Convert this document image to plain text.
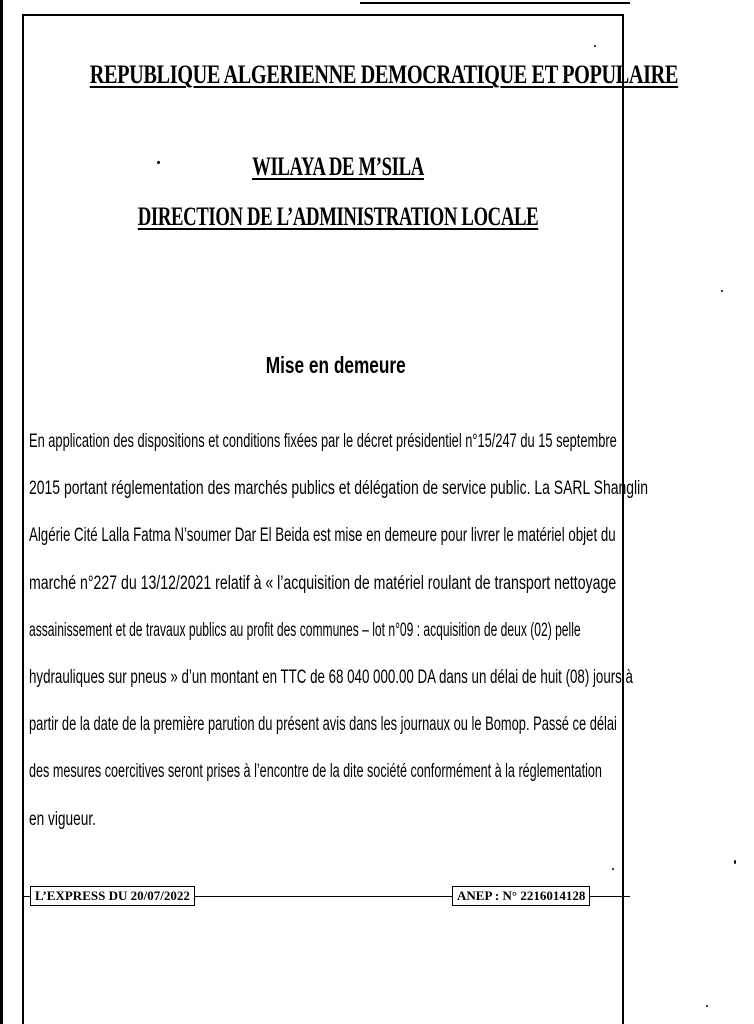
REPUBLIQUE ALGERIENNE DEMOCRATIQUE ET POPULAIRE
WILAYA DE M’SILA
DIRECTION DE L’ADMINISTRATION LOCALE
Mise en demeure
En application des dispositions et conditions fixées par le décret présidentiel n°15/247 du 15 septembre
2015 portant réglementation des marchés publics et délégation de service public. La SARL Shanglin
Algérie Cité Lalla Fatma N’soumer Dar El Beida est mise en demeure pour livrer le matériel objet du
marché n°227 du 13/12/2021 relatif à « l’acquisition de matériel roulant de transport nettoyage
assainissement et de travaux publics au profit des communes – lot n°09 : acquisition de deux (02) pelle
hydrauliques sur pneus » d’un montant en TTC de 68 040 000.00 DA dans un délai de huit (08) jours à
partir de la date de la première parution du présent avis dans les journaux ou le Bomop. Passé ce délai
des mesures coercitives seront prises à l’encontre de la dite société conformément à la réglementation
en vigueur.
L’EXPRESS DU 20/07/2022	ANEP : N° 2216014128
